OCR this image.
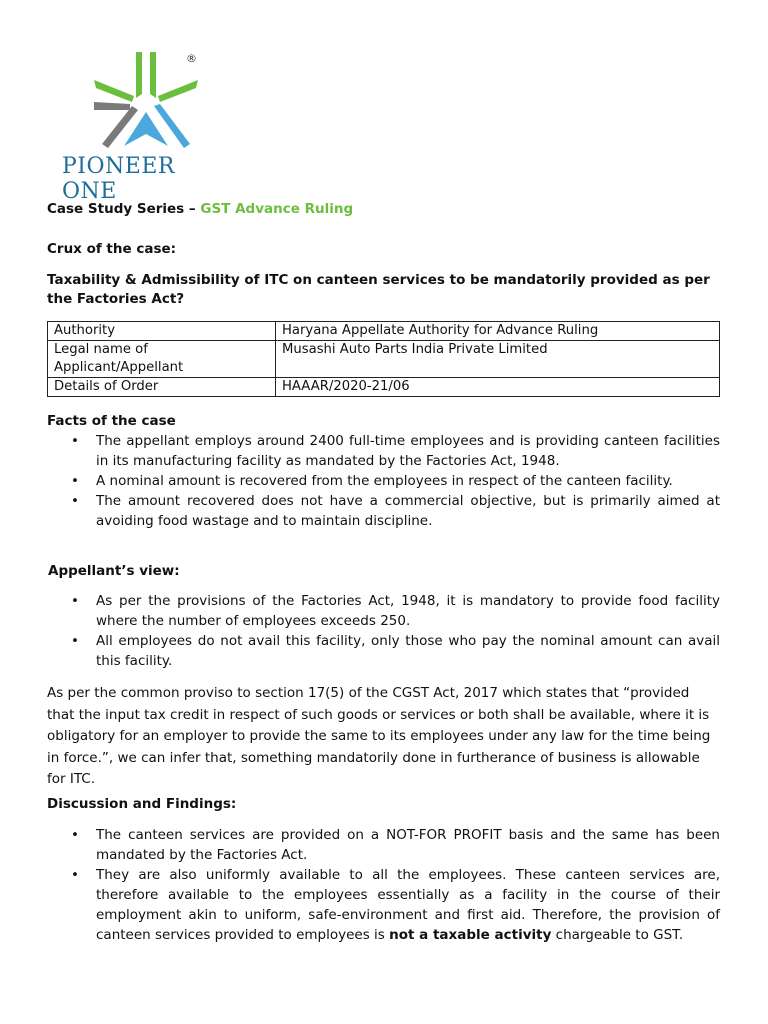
®
PIONEER ONE
Case Study Series – GST Advance Ruling
Crux of the case:
Taxability & Admissibility of ITC on canteen services to be mandatorily provided as per the Factories Act?
Authority	Haryana Appellate Authority for Advance Ruling
Legal name of Applicant/Appellant	Musashi Auto Parts India Private Limited
Details of Order	HAAAR/2020-21/06
Facts of the case
• The appellant employs around 2400 full-time employees and is providing canteen facilities in its manufacturing facility as mandated by the Factories Act, 1948.
• A nominal amount is recovered from the employees in respect of the canteen facility.
• The amount recovered does not have a commercial objective, but is primarily aimed at avoiding food wastage and to maintain discipline.
Appellant’s view:
• As per the provisions of the Factories Act, 1948, it is mandatory to provide food facility where the number of employees exceeds 250.
• All employees do not avail this facility, only those who pay the nominal amount can avail this facility.

As per the common proviso to section 17(5) of the CGST Act, 2017 which states that “provided that the input tax credit in respect of such goods or services or both shall be available, where it is obligatory for an employer to provide the same to its employees under any law for the time being in force.”, we can infer that, something mandatorily done in furtherance of business is allowable for ITC.

Discussion and Findings:
• The canteen services are provided on a NOT-FOR PROFIT basis and the same has been mandated by the Factories Act.
• They are also uniformly available to all the employees. These canteen services are, therefore available to the employees essentially as a facility in the course of their employment akin to uniform, safe-environment and first aid. Therefore, the provision of canteen services provided to employees is not a taxable activity chargeable to GST.
